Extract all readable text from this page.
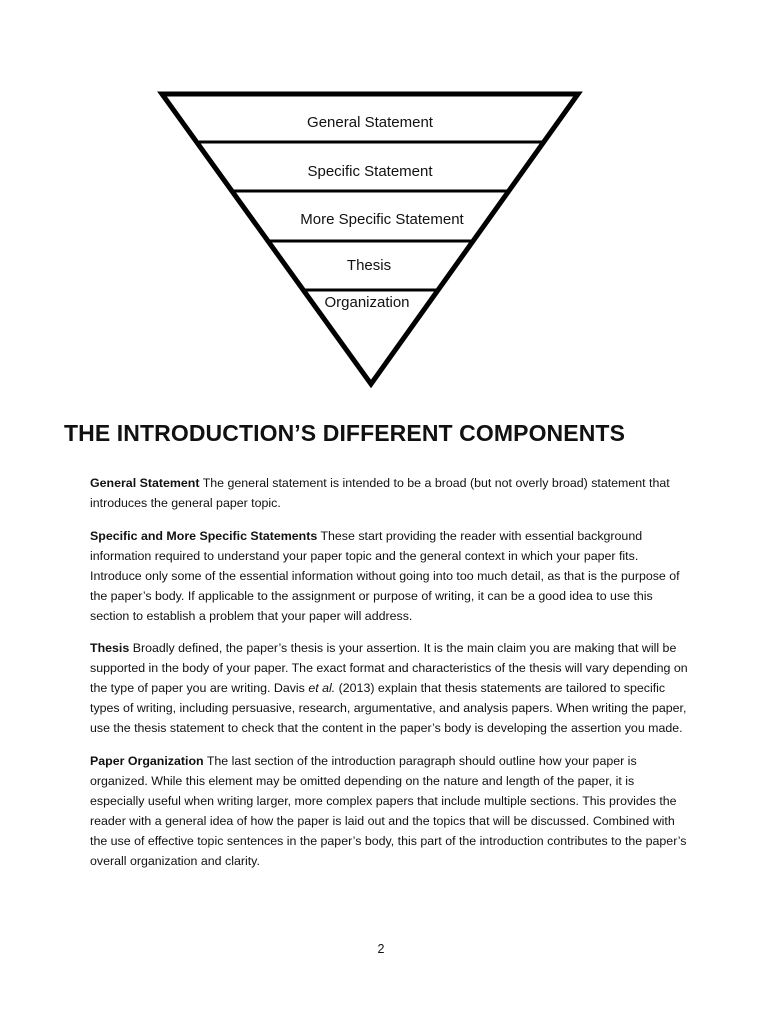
General Statement
Specific Statement
More Specific Statement
Thesis
Organization
THE INTRODUCTION’S DIFFERENT COMPONENTS

General Statement The general statement is intended to be a broad (but not overly broad) statement that introduces the general paper topic.

Specific and More Specific Statements These start providing the reader with essential background information required to understand your paper topic and the general context in which your paper fits. Introduce only some of the essential information without going into too much detail, as that is the purpose of the paper’s body. If applicable to the assignment or purpose of writing, it can be a good idea to use this section to establish a problem that your paper will address.

Thesis Broadly defined, the paper’s thesis is your assertion. It is the main claim you are making that will be supported in the body of your paper. The exact format and characteristics of the thesis will vary depending on the type of paper you are writing. Davis et al. (2013) explain that thesis statements are tailored to specific types of writing, including persuasive, research, argumentative, and analysis papers. When writing the paper, use the thesis statement to check that the content in the paper’s body is developing the assertion you made.

Paper Organization The last section of the introduction paragraph should outline how your paper is organized. While this element may be omitted depending on the nature and length of the paper, it is especially useful when writing larger, more complex papers that include multiple sections. This provides the reader with a general idea of how the paper is laid out and the topics that will be discussed. Combined with the use of effective topic sentences in the paper’s body, this part of the introduction contributes to the paper’s overall organization and clarity.

2
